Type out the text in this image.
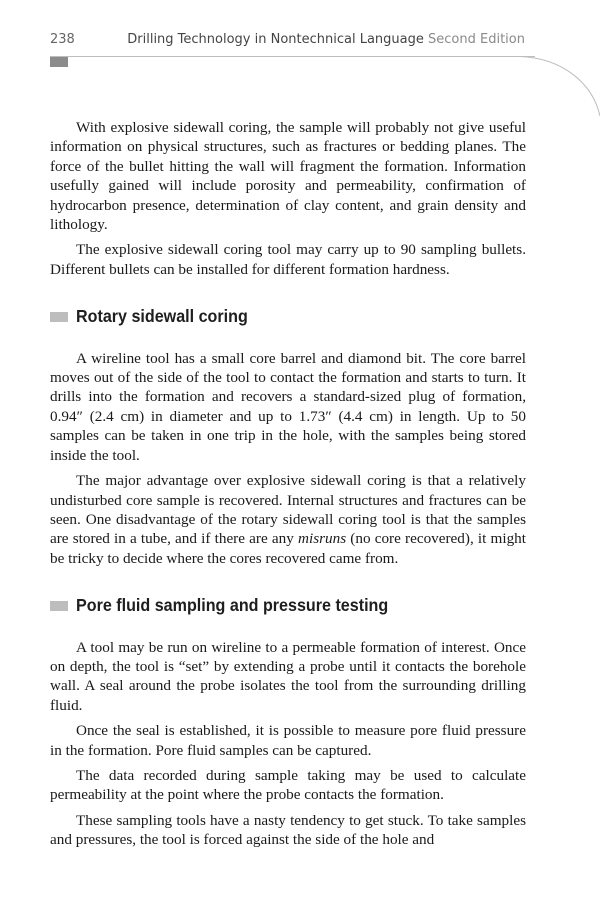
238	Drilling Technology in Nontechnical Language Second Edition

With explosive sidewall coring, the sample will probably not give useful information on physical structures, such as fractures or bedding planes. The force of the bullet hitting the wall will fragment the formation. Information usefully gained will include porosity and permeability, confirmation of hydrocarbon presence, determination of clay content, and grain density and lithology.

The explosive sidewall coring tool may carry up to 90 sampling bullets. Different bullets can be installed for different formation hardness.

Rotary sidewall coring

A wireline tool has a small core barrel and diamond bit. The core barrel moves out of the side of the tool to contact the formation and starts to turn. It drills into the formation and recovers a standard-sized plug of formation, 0.94″ (2.4 cm) in diameter and up to 1.73″ (4.4 cm) in length. Up to 50 samples can be taken in one trip in the hole, with the samples being stored inside the tool.

The major advantage over explosive sidewall coring is that a relatively undisturbed core sample is recovered. Internal structures and fractures can be seen. One disadvantage of the rotary sidewall coring tool is that the samples are stored in a tube, and if there are any misruns (no core recovered), it might be tricky to decide where the cores recovered came from.

Pore fluid sampling and pressure testing

A tool may be run on wireline to a permeable formation of interest. Once on depth, the tool is “set” by extending a probe until it contacts the borehole wall. A seal around the probe isolates the tool from the surrounding drilling fluid.

Once the seal is established, it is possible to measure pore fluid pressure in the formation. Pore fluid samples can be captured.

The data recorded during sample taking may be used to calculate permeability at the point where the probe contacts the formation.

These sampling tools have a nasty tendency to get stuck. To take samples and pressures, the tool is forced against the side of the hole and
